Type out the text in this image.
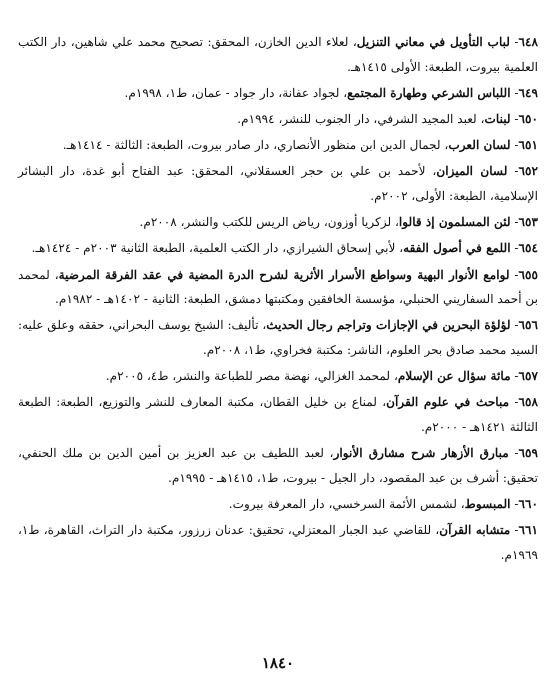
٦٤٨- لباب التأويل في معاني التنزيل، لعلاء الدين الخازن، المحقق: تصحيح محمد علي شاهين، دار الكتب العلمية بيروت، الطبعة: الأولى ١٤١٥هـ.

٦٤٩- اللباس الشرعي وطهارة المجتمع، لجواد عفانة، دار جواد - عمان، ط١، ١٩٩٨م.

٦٥٠- لبنات، لعبد المجيد الشرفي، دار الجنوب للنشر، ١٩٩٤م.

٦٥١- لسان العرب، لجمال الدين ابن منظور الأنصاري، دار صادر بيروت، الطبعة: الثالثة - ١٤١٤هـ.

٦٥٢- لسان الميزان، لأحمد بن علي بن حجر العسقلاني، المحقق: عبد الفتاح أبو غدة، دار البشائر الإسلامية، الطبعة: الأولى، ٢٠٠٢م.

٦٥٣- لئن المسلمون إذ قالوا، لزكريا أوزون، رياض الريس للكتب والنشر، ٢٠٠٨م.

٦٥٤- اللمع في أصول الفقه، لأبي إسحاق الشيرازي، دار الكتب العلمية، الطبعة الثانية ٢٠٠٣م - ١٤٢٤هـ.

٦٥٥- لوامع الأنوار البهية وسواطع الأسرار الأثرية لشرح الدرة المضية في عقد الفرقة المرضية، لمحمد بن أحمد السفاريني الحنبلي، مؤسسة الخافقين ومكتبتها دمشق، الطبعة: الثانية - ١٤٠٢هـ - ١٩٨٢م.

٦٥٦- لؤلؤة البحرين في الإجازات وتراجم رجال الحديث، تأليف: الشيخ يوسف البحراني، حققه وعلق عليه: السيد محمد صادق بحر العلوم، الناشر: مكتبة فخراوي، ط١، ٢٠٠٨م.

٦٥٧- مائة سؤال عن الإسلام، لمحمد الغزالي، نهضة مصر للطباعة والنشر، ط٤، ٢٠٠٥م.

٦٥٨- مباحث في علوم القرآن، لمناع بن خليل القطان، مكتبة المعارف للنشر والتوزيع، الطبعة: الطبعة الثالثة ١٤٢١هـ - ٢٠٠٠م.

٦٥٩- مبارق الأزهار شرح مشارق الأنوار، لعبد اللطيف بن عبد العزيز بن أمين الدين بن ملك الحنفي، تحقيق: أشرف بن عبد المقصود، دار الجيل - بيروت، ط١، ١٤١٥هـ - ١٩٩٥م.

٦٦٠- المبسوط، لشمس الأئمة السرخسي، دار المعرفة بيروت.

٦٦١- متشابه القرآن، للقاضي عبد الجبار المعتزلي، تحقيق: عدنان زرزور، مكتبة دار التراث، القاهرة، ط١، ١٩٦٩م.

١٨٤٠
